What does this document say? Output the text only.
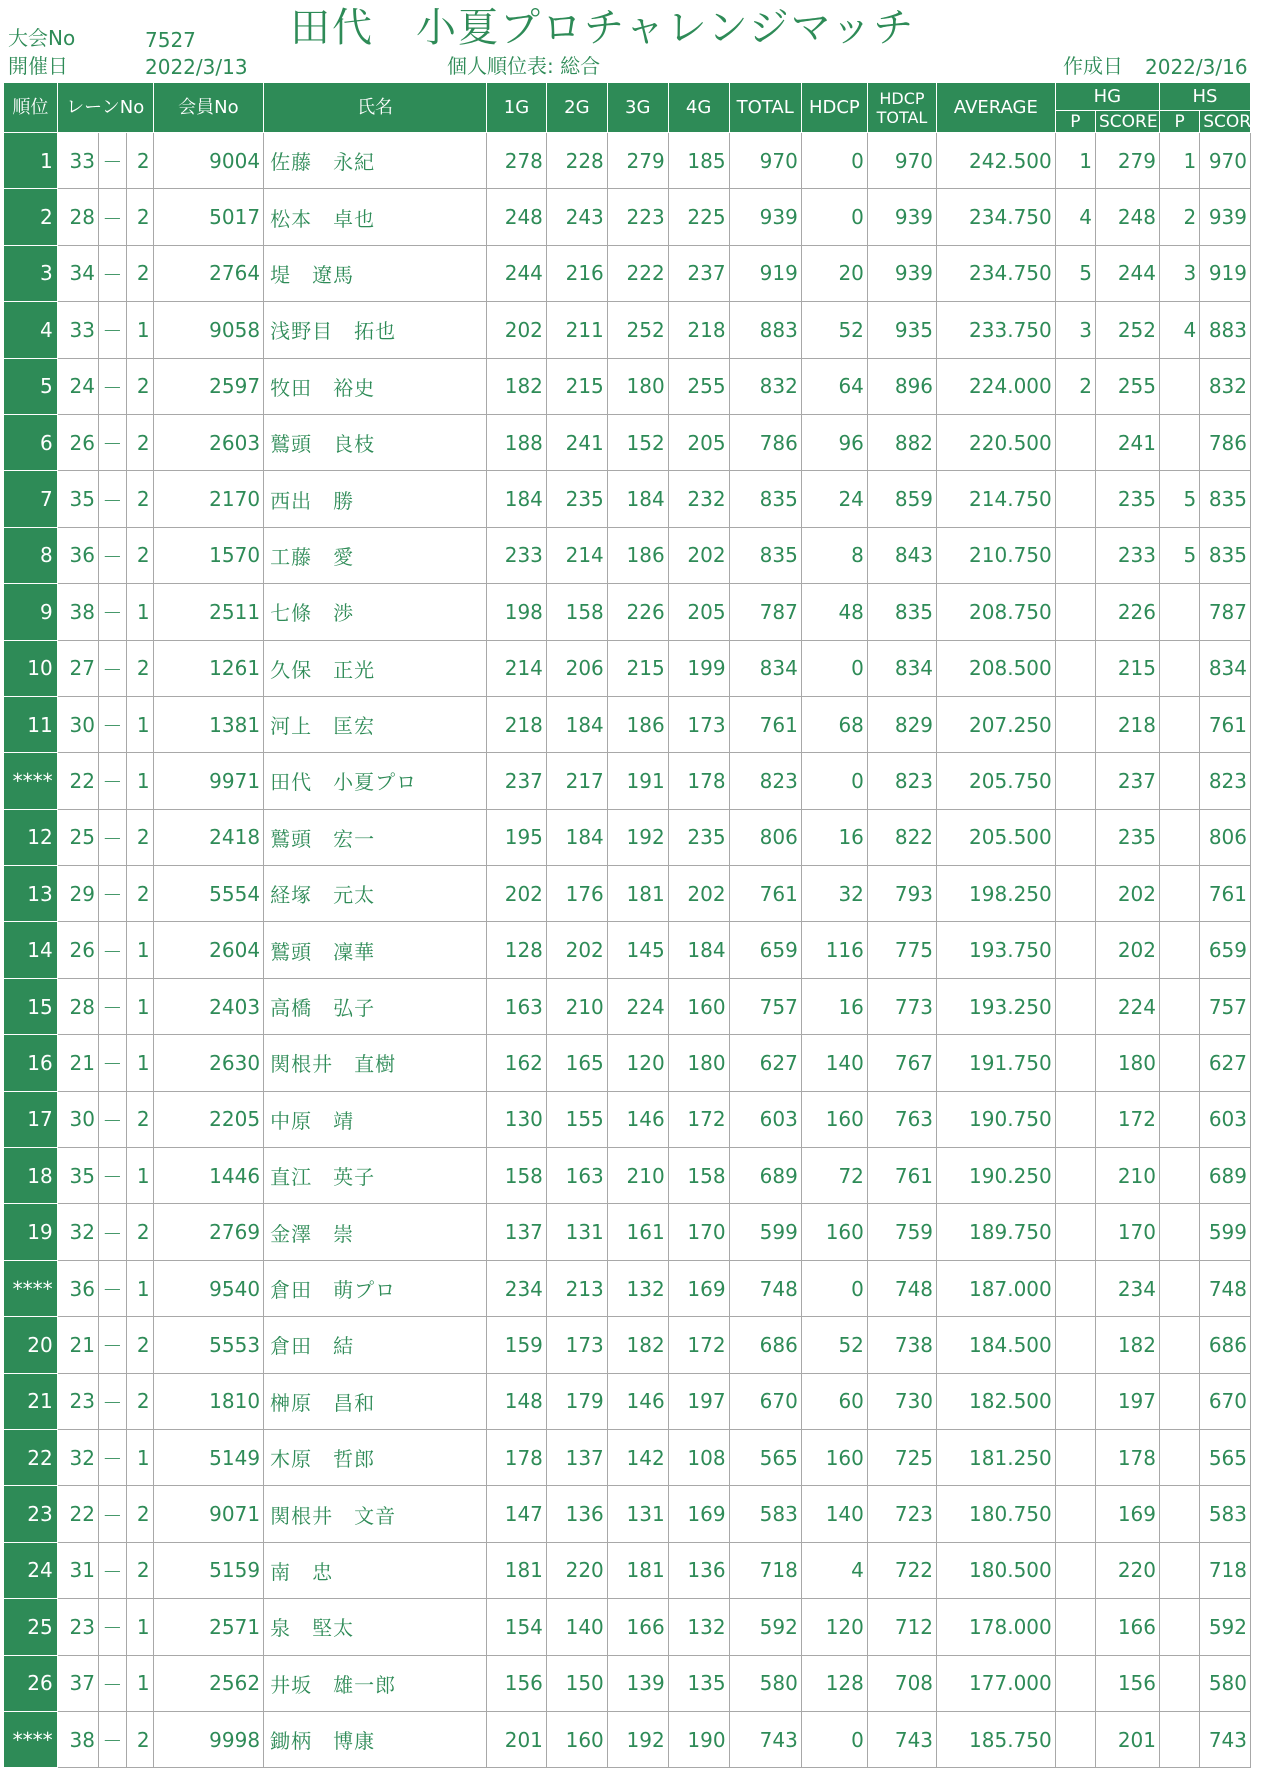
大会No	7527
開催日	2022/3/13
田代　小夏プロチャレンジマッチ
個人順位表: 総合	作成日 2022/3/16
順位	レーンNo			会員No	氏名	1G	2G	3G	4G	TOTAL	HDCP	HDCP
TOTAL	AVERAGE	HG		HS	
														P	SCORE	P	SCORE
1	33	－	2	9004	佐藤　永紀	278	228	279	185	970	0	970	242.500	1	279	1	970
2	28	－	2	5017	松本　卓也	248	243	223	225	939	0	939	234.750	4	248	2	939
3	34	－	2	2764	堤　遼馬	244	216	222	237	919	20	939	234.750	5	244	3	919
4	33	－	1	9058	浅野目　拓也	202	211	252	218	883	52	935	233.750	3	252	4	883
5	24	－	2	2597	牧田　裕史	182	215	180	255	832	64	896	224.000	2	255		832
6	26	－	2	2603	鷲頭　良枝	188	241	152	205	786	96	882	220.500		241		786
7	35	－	2	2170	西出　勝	184	235	184	232	835	24	859	214.750		235	5	835
8	36	－	2	1570	工藤　愛	233	214	186	202	835	8	843	210.750		233	5	835
9	38	－	1	2511	七條　渉	198	158	226	205	787	48	835	208.750		226		787
10	27	－	2	1261	久保　正光	214	206	215	199	834	0	834	208.500		215		834
11	30	－	1	1381	河上　匡宏	218	184	186	173	761	68	829	207.250		218		761
****	22	－	1	9971	田代　小夏プロ	237	217	191	178	823	0	823	205.750		237		823
12	25	－	2	2418	鷲頭　宏一	195	184	192	235	806	16	822	205.500		235		806
13	29	－	2	5554	経塚　元太	202	176	181	202	761	32	793	198.250		202		761
14	26	－	1	2604	鷲頭　凜華	128	202	145	184	659	116	775	193.750		202		659
15	28	－	1	2403	高橋　弘子	163	210	224	160	757	16	773	193.250		224		757
16	21	－	1	2630	関根井　直樹	162	165	120	180	627	140	767	191.750		180		627
17	30	－	2	2205	中原　靖	130	155	146	172	603	160	763	190.750		172		603
18	35	－	1	1446	直江　英子	158	163	210	158	689	72	761	190.250		210		689
19	32	－	2	2769	金澤　崇	137	131	161	170	599	160	759	189.750		170		599
****	36	－	1	9540	倉田　萌プロ	234	213	132	169	748	0	748	187.000		234		748
20	21	－	2	5553	倉田　結	159	173	182	172	686	52	738	184.500		182		686
21	23	－	2	1810	榊原　昌和	148	179	146	197	670	60	730	182.500		197		670
22	32	－	1	5149	木原　哲郎	178	137	142	108	565	160	725	181.250		178		565
23	22	－	2	9071	関根井　文音	147	136	131	169	583	140	723	180.750		169		583
24	31	－	2	5159	南　忠	181	220	181	136	718	4	722	180.500		220		718
25	23	－	1	2571	泉　堅太	154	140	166	132	592	120	712	178.000		166		592
26	37	－	1	2562	井坂　雄一郎	156	150	139	135	580	128	708	177.000		156		580
****	38	－	2	9998	鋤柄　博康	201	160	192	190	743	0	743	185.750		201		743
